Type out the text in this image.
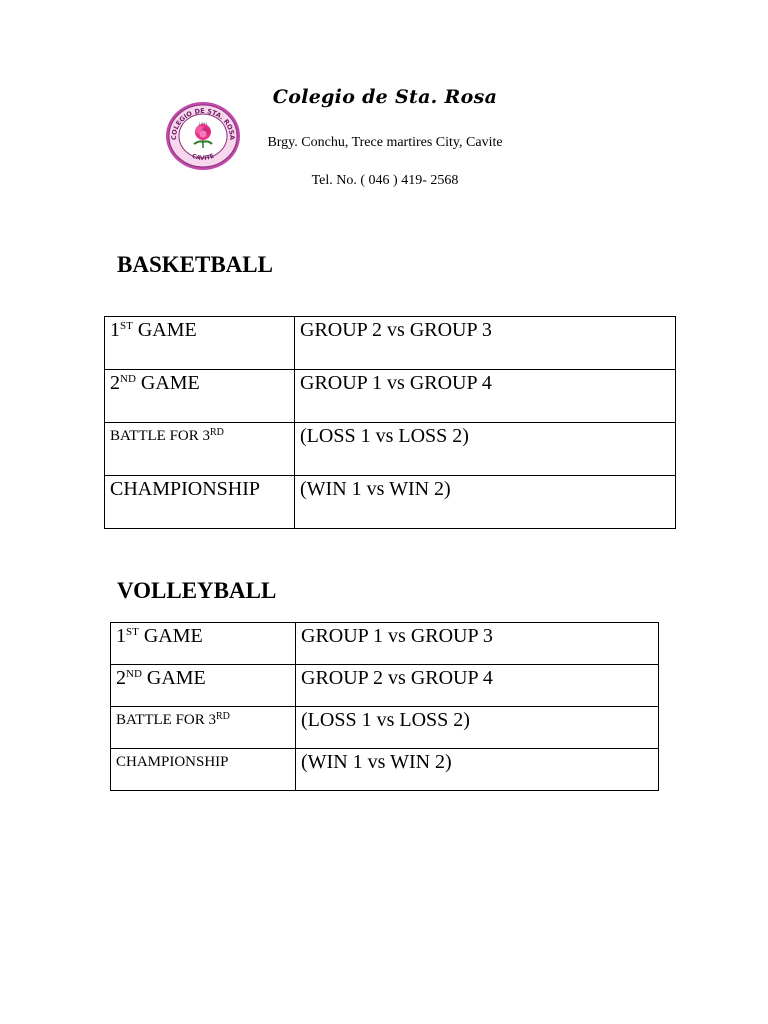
COLEGIO DE STA. ROSA
CAVITE
1991
Colegio de Sta. Rosa
Brgy. Conchu, Trece martires City, Cavite
Tel. No. ( 046 ) 419- 2568
BASKETBALL
1ST GAME	GROUP 2 vs GROUP 3
2ND GAME	GROUP 1 vs GROUP 4
BATTLE FOR 3RD	(LOSS 1 vs LOSS 2)
CHAMPIONSHIP	(WIN 1 vs WIN 2)
VOLLEYBALL
1ST GAME	GROUP 1 vs GROUP 3
2ND GAME	GROUP 2 vs GROUP 4
BATTLE FOR 3RD	(LOSS 1 vs LOSS 2)
CHAMPIONSHIP	(WIN 1 vs WIN 2)
